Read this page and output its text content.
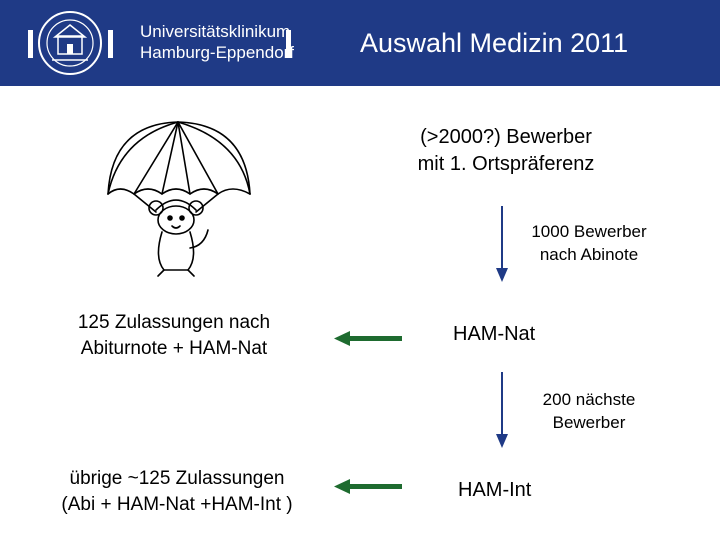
Universitätsklinikum
Hamburg-Eppendorf Auswahl Medizin 2011
(>2000?) Bewerber
mit 1. Ortspräferenz
1000 Bewerber
nach Abinote
HAM-Nat
125 Zulassungen nach
Abiturnote + HAM-Nat
200 nächste
Bewerber
HAM-Int
übrige ~125 Zulassungen
(Abi + HAM-Nat +HAM-Int )
